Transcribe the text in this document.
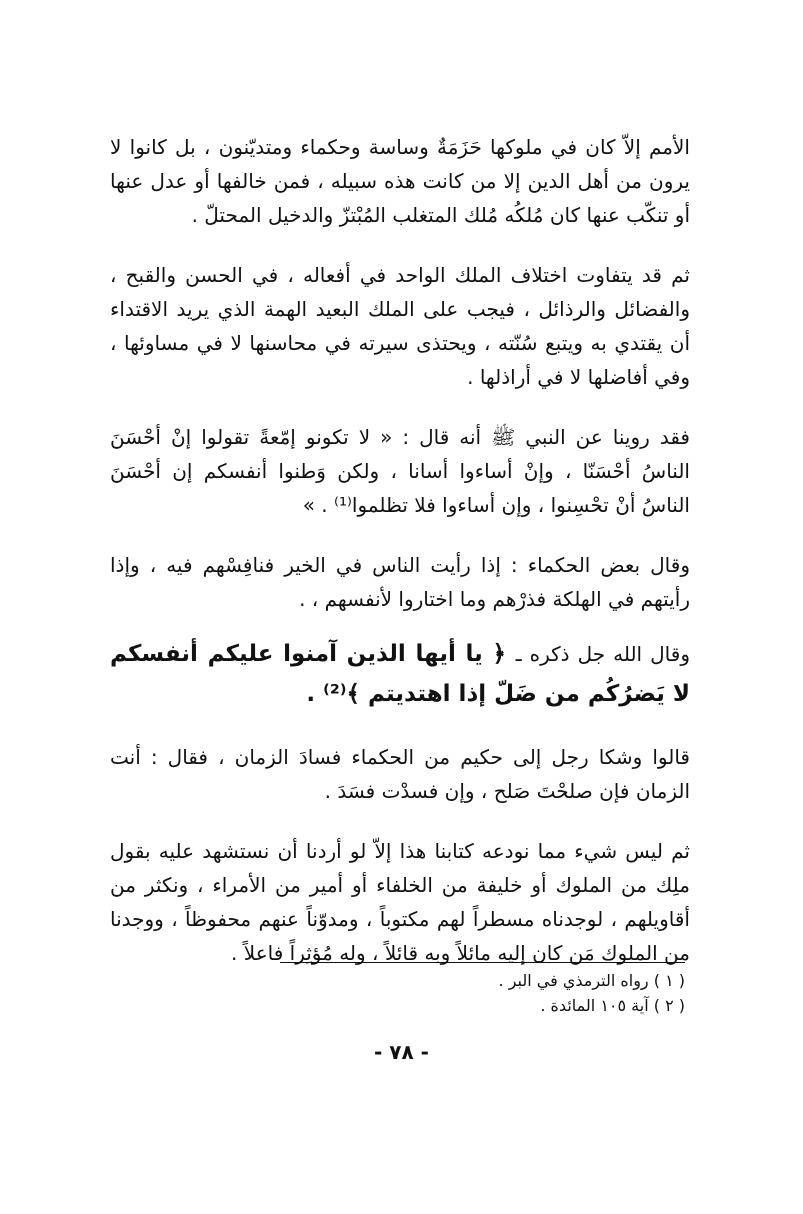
الأمم إلاّ كان في ملوكها حَزَمَةٌ وساسة وحكماء ومتديّنون ، بل كانوا لا يرون من أهل الدين إلا من كانت هذه سبيله ، فمن خالفها أو عدل عنها أو تنكّب عنها كان مُلكُه مُلك المتغلب المُبْتزّ والدخيل المحتلّ .

ثم قد يتفاوت اختلاف الملك الواحد في أفعاله ، في الحسن والقبح ، والفضائل والرذائل ، فيجب على الملك البعيد الهمة الذي يريد الاقتداء أن يقتدي به ويتبع سُنّته ، ويحتذى سيرته في محاسنها لا في مساوئها ، وفي أفاضلها لا في أراذلها .

فقد روينا عن النبي ﷺ أنه قال : « لا تكونو إمّعةً تقولوا إنْ أحْسَنَ الناسُ أحْسَنّا ، وإنْ أساءوا أسانا ، ولكن وَطنوا أنفسكم إن أحْسَنَ الناسُ أنْ تحْسِنوا ، وإن أساءوا فلا تظلموا⁽¹⁾ . »

وقال بعض الحكماء : إذا رأيت الناس في الخير فنافِسْهم فيه ، وإذا رأيتهم في الهلكة فذرْهم وما اختاروا لأنفسهم ، .

وقال الله جل ذكره ـ ﴿ يا أيها الذين آمنوا عليكم أنفسكم لا يَضرُكُم من ضَلّ إذا اهتديتم ﴾⁽²⁾ .

قالوا وشكا رجل إلى حكيم من الحكماء فسادَ الزمان ، فقال : أنت الزمان فإن صلحْتَ صَلح ، وإن فسدْت فسَدَ .

ثم ليس شيء مما نودعه كتابنا هذا إلاّ لو أردنا أن نستشهد عليه بقول ملِك من الملوك أو خليفة من الخلفاء أو أمير من الأمراء ، ونكثر من أقاويلهم ، لوجدناه مسطراً لهم مكتوباً ، ومدوّناً عنهم محفوظاً ، ووجدنا من الملوك مَن كان إليه مائلاً وبه قائلاً ، وله مُؤثِراً فاعلاً .

( ١ ) رواه الترمذي في البر .

( ٢ ) آية ١٠٥ المائدة .

- ٧٨ -
